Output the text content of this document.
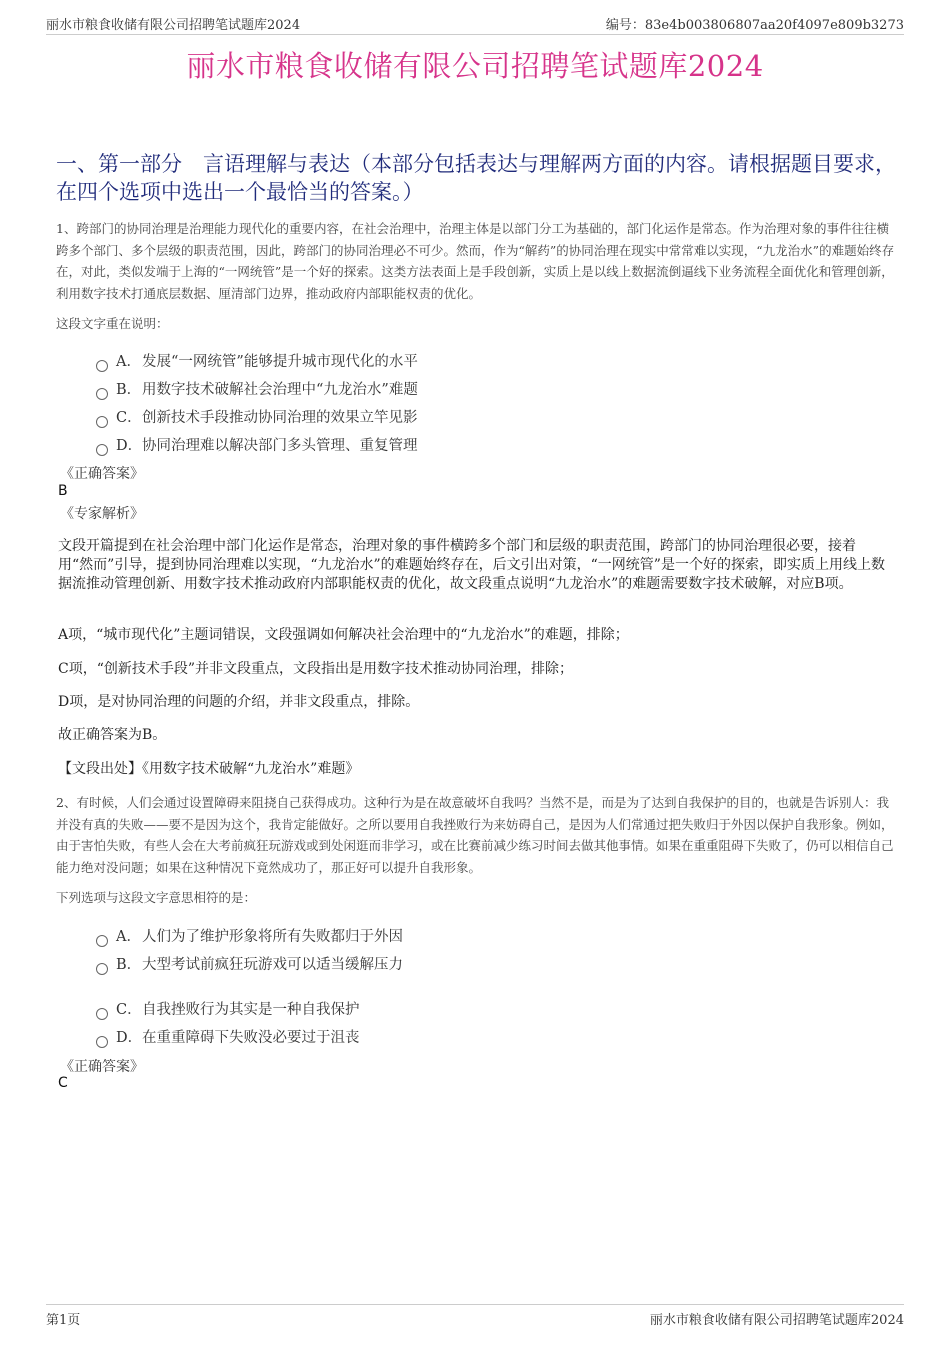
丽水市粮食收储有限公司招聘笔试题库2024	编号：83e4b003806807aa20f4097e809b3273
丽水市粮食收储有限公司招聘笔试题库2024
一、第一部分　言语理解与表达（本部分包括表达与理解两方面的内容。请根据题目要求，在四个选项中选出一个最恰当的答案。）
1、跨部门的协同治理是治理能力现代化的重要内容，在社会治理中，治理主体是以部门分工为基础的，部门化运作是常态。作为治理对象的事件往往横跨多个部门、多个层级的职责范围，因此，跨部门的协同治理必不可少。然而，作为“解药”的协同治理在现实中常常难以实现，“九龙治水”的难题始终存在，对此，类似发端于上海的“一网统管”是一个好的探索。这类方法表面上是手段创新，实质上是以线上数据流倒逼线下业务流程全面优化和管理创新，利用数字技术打通底层数据、厘清部门边界，推动政府内部职能权责的优化。
这段文字重在说明：
A．发展“一网统管”能够提升城市现代化的水平
B．用数字技术破解社会治理中“九龙治水”难题
C．创新技术手段推动协同治理的效果立竿见影
D．协同治理难以解决部门多头管理、重复管理
《正确答案》
B
《专家解析》
文段开篇提到在社会治理中部门化运作是常态，治理对象的事件横跨多个部门和层级的职责范围，跨部门的协同治理很必要，接着用“然而”引导，提到协同治理难以实现，“九龙治水”的难题始终存在，后文引出对策，“一网统管”是一个好的探索，即实质上用线上数据流推动管理创新、用数字技术推动政府内部职能权责的优化，故文段重点说明“九龙治水”的难题需要数字技术破解，对应B项。
A项，“城市现代化”主题词错误，文段强调如何解决社会治理中的“九龙治水”的难题，排除；
C项，“创新技术手段”并非文段重点，文段指出是用数字技术推动协同治理，排除；
D项，是对协同治理的问题的介绍，并非文段重点，排除。
故正确答案为B。
【文段出处】《用数字技术破解“九龙治水”难题》
2、有时候，人们会通过设置障碍来阻挠自己获得成功。这种行为是在故意破坏自我吗？当然不是，而是为了达到自我保护的目的，也就是告诉别人：我并没有真的失败——要不是因为这个，我肯定能做好。之所以要用自我挫败行为来妨碍自己，是因为人们常通过把失败归于外因以保护自我形象。例如，由于害怕失败，有些人会在大考前疯狂玩游戏或到处闲逛而非学习，或在比赛前减少练习时间去做其他事情。如果在重重阻碍下失败了，仍可以相信自己能力绝对没问题；如果在这种情况下竟然成功了，那正好可以提升自我形象。
下列选项与这段文字意思相符的是：
A．人们为了维护形象将所有失败都归于外因
B．大型考试前疯狂玩游戏可以适当缓解压力
C．自我挫败行为其实是一种自我保护
D．在重重障碍下失败没必要过于沮丧
《正确答案》
C
第1页	丽水市粮食收储有限公司招聘笔试题库2024
